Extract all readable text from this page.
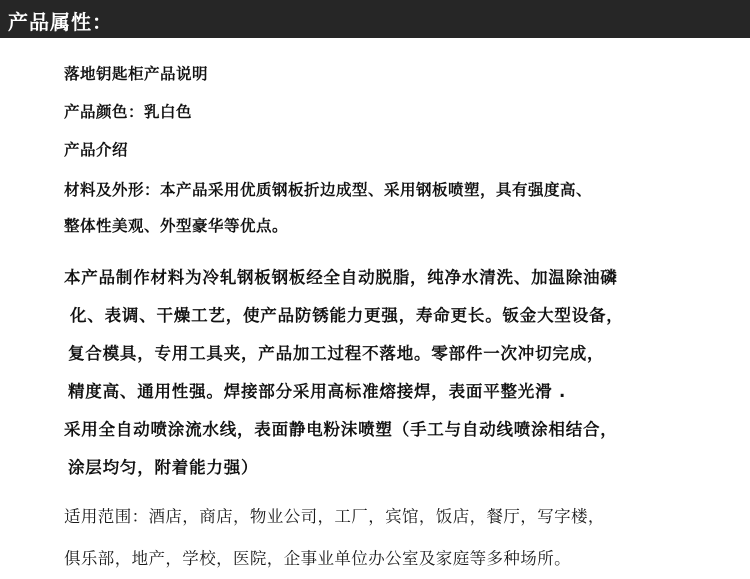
产品属性：
落地钥匙柜产品说明
产品颜色：乳白色
产品介绍
材料及外形：本产品采用优质钢板折边成型、采用钢板喷塑，具有强度高、
整体性美观、外型豪华等优点。
本产品制作材料为冷轧钢板钢板经全自动脱脂，纯净水清洗、加温除油磷
化、表调、干燥工艺，使产品防锈能力更强，寿命更长。钣金大型设备，
复合模具，专用工具夹，产品加工过程不落地。零部件一次冲切完成，
精度高、通用性强。焊接部分采用高标准熔接焊，表面平整光滑 .
采用全自动喷涂流水线，表面静电粉沫喷塑（手工与自动线喷涂相结合，
涂层均匀，附着能力强）
适用范围：酒店，商店，物业公司，工厂，宾馆，饭店，餐厅，写字楼，
俱乐部，地产，学校，医院，企事业单位办公室及家庭等多种场所。
